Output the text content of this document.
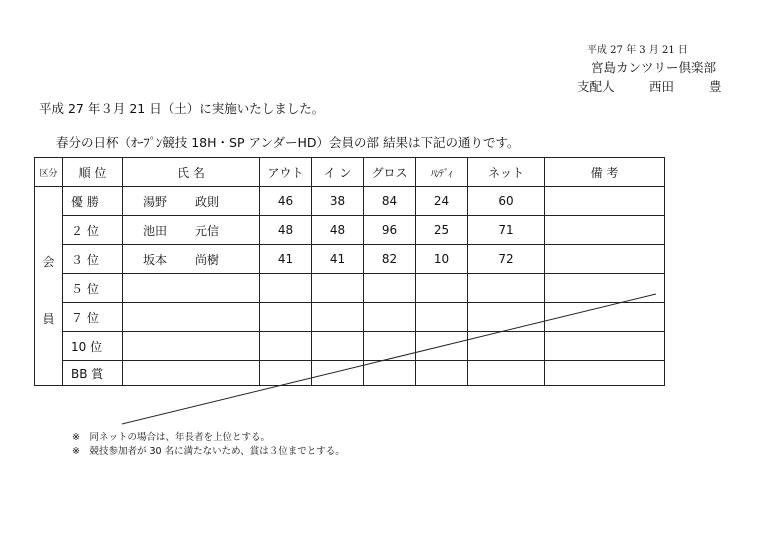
平成 27 年 3 月 21 日
宮島カンツリー倶楽部
支配人	西田	豊
平成 27 年３月 21 日（土）に実施いたしました。
春分の日杯（ｵｰﾌﾟﾝ競技 18H・SP アンダーHD）会員の部 結果は下記の通りです。
区分	順 位	氏 名	アウト	イ ン	グロス	ﾊﾝﾃﾞｨ	ネット	備 考

会
員	優 勝	湯野 政則	46	38	84	24	60	
	２ 位	池田 元信	48	48	96	25	71	
	３ 位	坂本 尚樹	41	41	82	10	72	
	５ 位							
	７ 位							
	10 位							
	BB 賞							
※　同ネットの場合は、年長者を上位とする。
※　競技参加者が 30 名に満たないため、賞は３位までとする。
